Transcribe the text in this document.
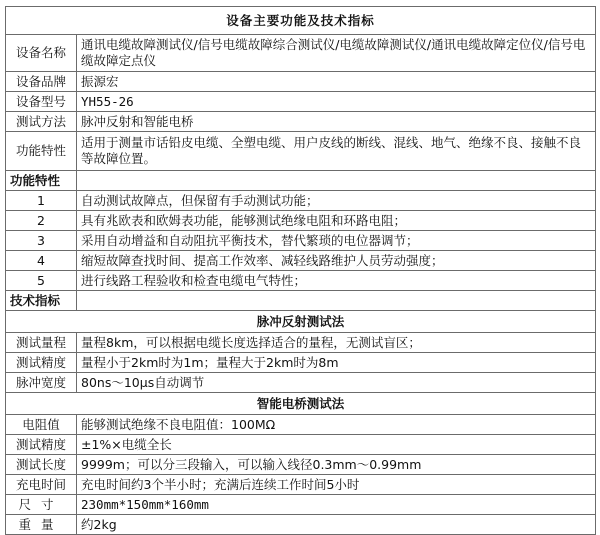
设备主要功能及技术指标	
设备名称	通讯电缆故障测试仪/信号电缆故障综合测试仪/电缆故障测试仪/通讯电缆故障定位仪/信号电缆故障定点仪
设备品牌	振源宏
设备型号	YH55-26
测试方法	脉冲反射和智能电桥
功能特性	适用于测量市话铅皮电缆、全塑电缆、用户皮线的断线、混线、地气、绝缘不良、接触不良等故障位置。
功能特性	
1	自动测试故障点，但保留有手动测试功能；
2	具有兆欧表和欧姆表功能，能够测试绝缘电阻和环路电阻；
3	采用自动增益和自动阻抗平衡技术，替代繁琐的电位器调节；
4	缩短故障查找时间、提高工作效率、减轻线路维护人员劳动强度；
5	进行线路工程验收和检查电缆电气特性；
技术指标	
脉冲反射测试法	
测试量程	量程8km，可以根据电缆长度选择适合的量程，无测试盲区；
测试精度	量程小于2km时为1m；量程大于2km时为8m
脉冲宽度	80ns～10μs自动调节
智能电桥测试法	
电阻值	能够测试绝缘不良电阻值：100MΩ
测试精度	±1%×电缆全长
测试长度	9999m；可以分三段输入，可以输入线径0.3mm～0.99mm
充电时间	充电时间约3个半小时；充满后连续工作时间5小时
尺寸	230mm*150mm*160mm
重量	约2kg
